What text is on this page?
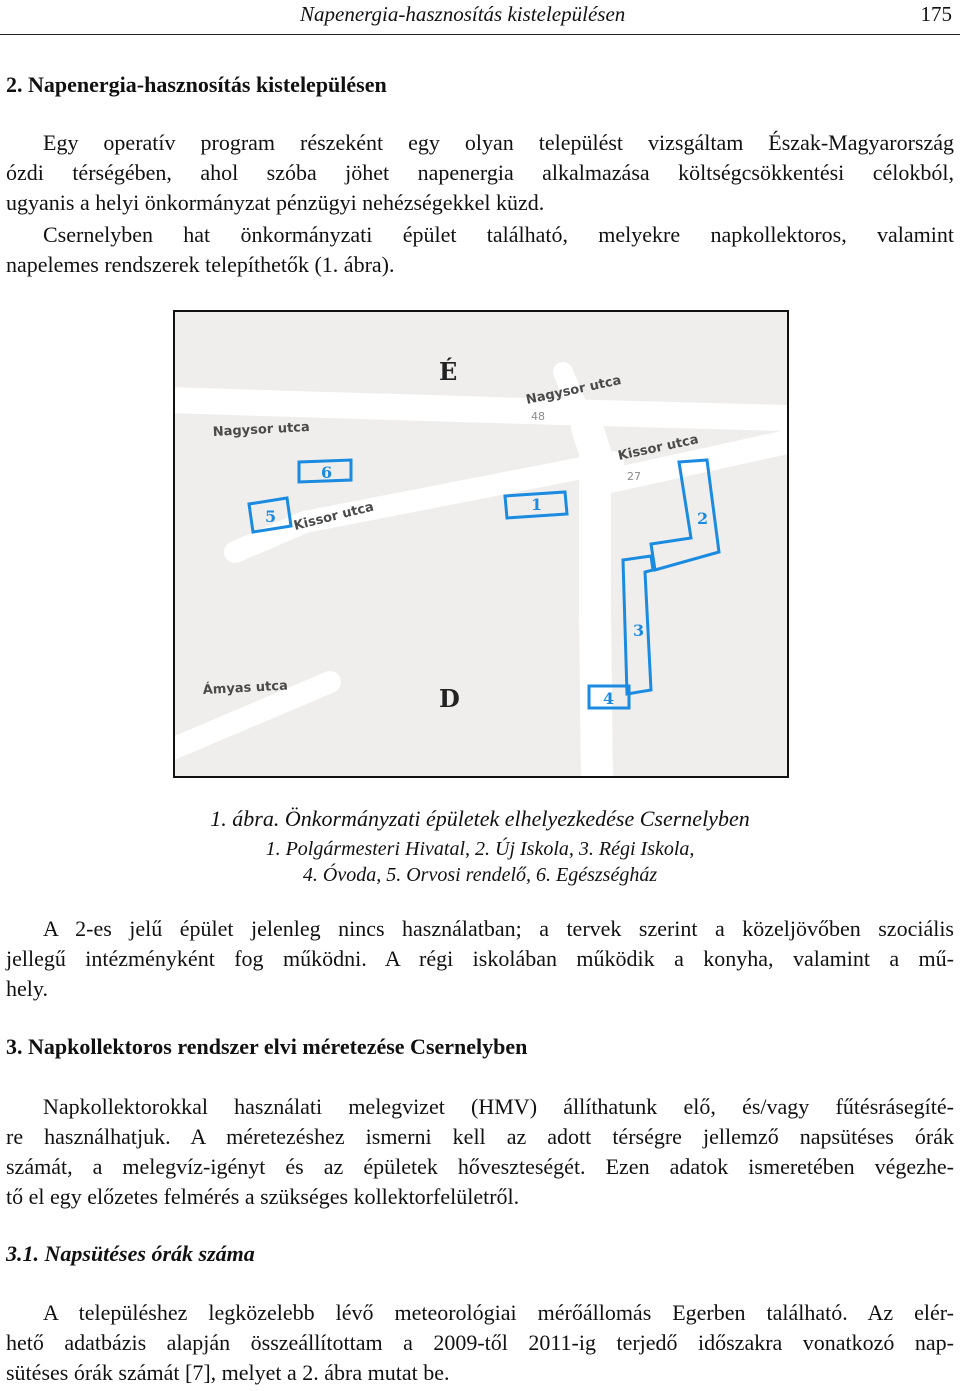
Napenergia-hasznosítás kistelepülésen	175
2. Napenergia-hasznosítás kistelepülésen
Egy operatív program részeként egy olyan települést vizsgáltam Észak-Magyarország
ózdi térségében, ahol szóba jöhet napenergia alkalmazása költségcsökkentési célokból,
ugyanis a helyi önkormányzat pénzügyi nehézségekkel küzd.
Csernelyben hat önkormányzati épület található, melyekre napkollektoros, valamint
napelemes rendszerek telepíthetők (1. ábra).
Nagysor utca
Nagysor utca
Kissor utca
Kissor utca
Ámyas utca
48
27
É
D
6
5
1
2
3
4

1. ábra. Önkormányzati épületek elhelyezkedése Csernelyben

1. Polgármesteri Hivatal, 2. Új Iskola, 3. Régi Iskola,

4. Óvoda, 5. Orvosi rendelő, 6. Egészségház

A 2-es jelű épület jelenleg nincs használatban; a tervek szerint a közeljövőben szociális
jellegű intézményként fog működni. A régi iskolában működik a konyha, valamint a mű-
hely.
3. Napkollektoros rendszer elvi méretezése Csernelyben
Napkollektorokkal használati melegvizet (HMV) állíthatunk elő, és/vagy fűtésrásegíté-
re használhatjuk. A méretezéshez ismerni kell az adott térségre jellemző napsütéses órák
számát, a melegvíz-igényt és az épületek hőveszteségét. Ezen adatok ismeretében végezhe-
tő el egy előzetes felmérés a szükséges kollektorfelületről.
3.1. Napsütéses órák száma
A településhez legközelebb lévő meteorológiai mérőállomás Egerben található. Az elér-
hető adatbázis alapján összeállítottam a 2009-től 2011-ig terjedő időszakra vonatkozó nap-
sütéses órák számát [7], melyet a 2. ábra mutat be.
